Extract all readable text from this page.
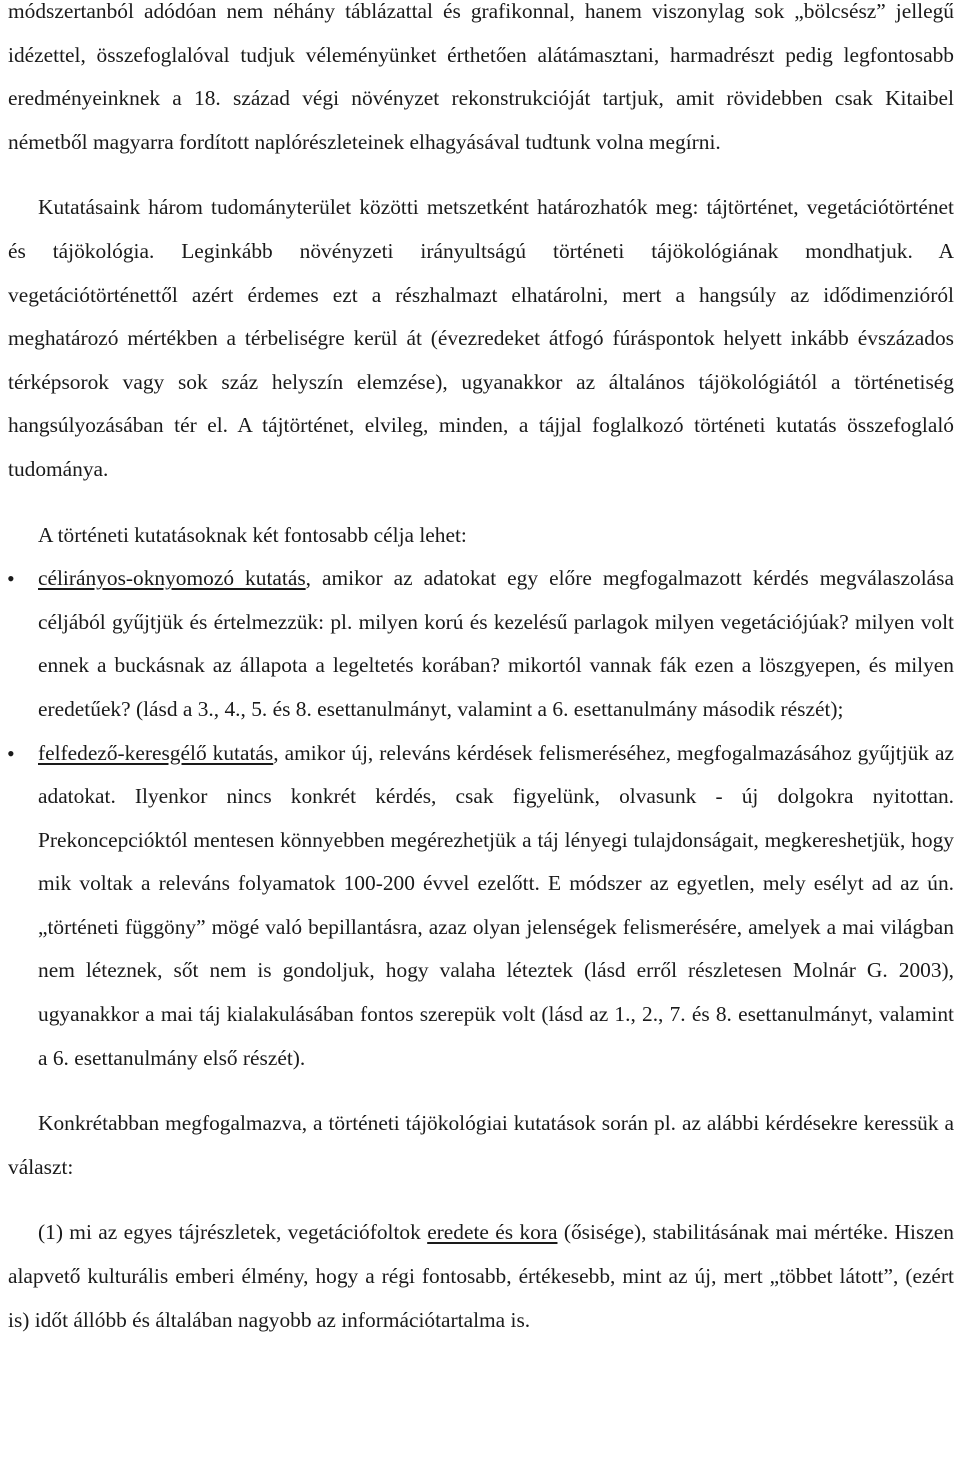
módszertanból adódóan nem néhány táblázattal és grafikonnal, hanem viszonylag sok „bölcsész” jellegű idézettel, összefoglalóval tudjuk véleményünket érthetően alátámasztani, harmadrészt pedig legfontosabb eredményeinknek a 18. század végi növényzet rekonstrukcióját tartjuk, amit rövidebben csak Kitaibel németből magyarra fordított naplórészleteinek elhagyásával tudtunk volna megírni.

Kutatásaink három tudományterület közötti metszetként határozhatók meg: tájtörténet, vegetációtörténet és tájökológia. Leginkább növényzeti irányultságú történeti tájökológiának mondhatjuk. A vegetációtörténettől azért érdemes ezt a részhalmazt elhatárolni, mert a hangsúly az idődimenzióról meghatározó mértékben a térbeliségre kerül át (évezredeket átfogó fúráspontok helyett inkább évszázados térképsorok vagy sok száz helyszín elemzése), ugyanakkor az általános tájökológiától a történetiség hangsúlyozásában tér el. A tájtörténet, elvileg, minden, a tájjal foglalkozó történeti kutatás összefoglaló tudománya.

A történeti kutatásoknak két fontosabb célja lehet:

• célirányos-oknyomozó kutatás, amikor az adatokat egy előre megfogalmazott kérdés megválaszolása céljából gyűjtjük és értelmezzük: pl. milyen korú és kezelésű parlagok milyen vegetációjúak? milyen volt ennek a buckásnak az állapota a legeltetés korában? mikortól vannak fák ezen a löszgyepen, és milyen eredetűek? (lásd a 3., 4., 5. és 8. esettanulmányt, valamint a 6. esettanulmány második részét);
• felfedező-keresgélő kutatás, amikor új, releváns kérdések felismeréséhez, megfogalmazásához gyűjtjük az adatokat. Ilyenkor nincs konkrét kérdés, csak figyelünk, olvasunk - új dolgokra nyitottan. Prekoncepcióktól mentesen könnyebben megérezhetjük a táj lényegi tulajdonságait, megkereshetjük, hogy mik voltak a releváns folyamatok 100-200 évvel ezelőtt. E módszer az egyetlen, mely esélyt ad az ún. „történeti függöny” mögé való bepillantásra, azaz olyan jelenségek felismerésére, amelyek a mai világban nem léteznek, sőt nem is gondoljuk, hogy valaha léteztek (lásd erről részletesen Molnár G. 2003), ugyanakkor a mai táj kialakulásában fontos szerepük volt (lásd az 1., 2., 7. és 8. esettanulmányt, valamint a 6. esettanulmány első részét).

Konkrétabban megfogalmazva, a történeti tájökológiai kutatások során pl. az alábbi kérdésekre keressük a választ:

(1) mi az egyes tájrészletek, vegetációfoltok eredete és kora (ősisége), stabilitásának mai mértéke. Hiszen alapvető kulturális emberi élmény, hogy a régi fontosabb, értékesebb, mint az új, mert „többet látott”, (ezért is) időt állóbb és általában nagyobb az információtartalma is.
